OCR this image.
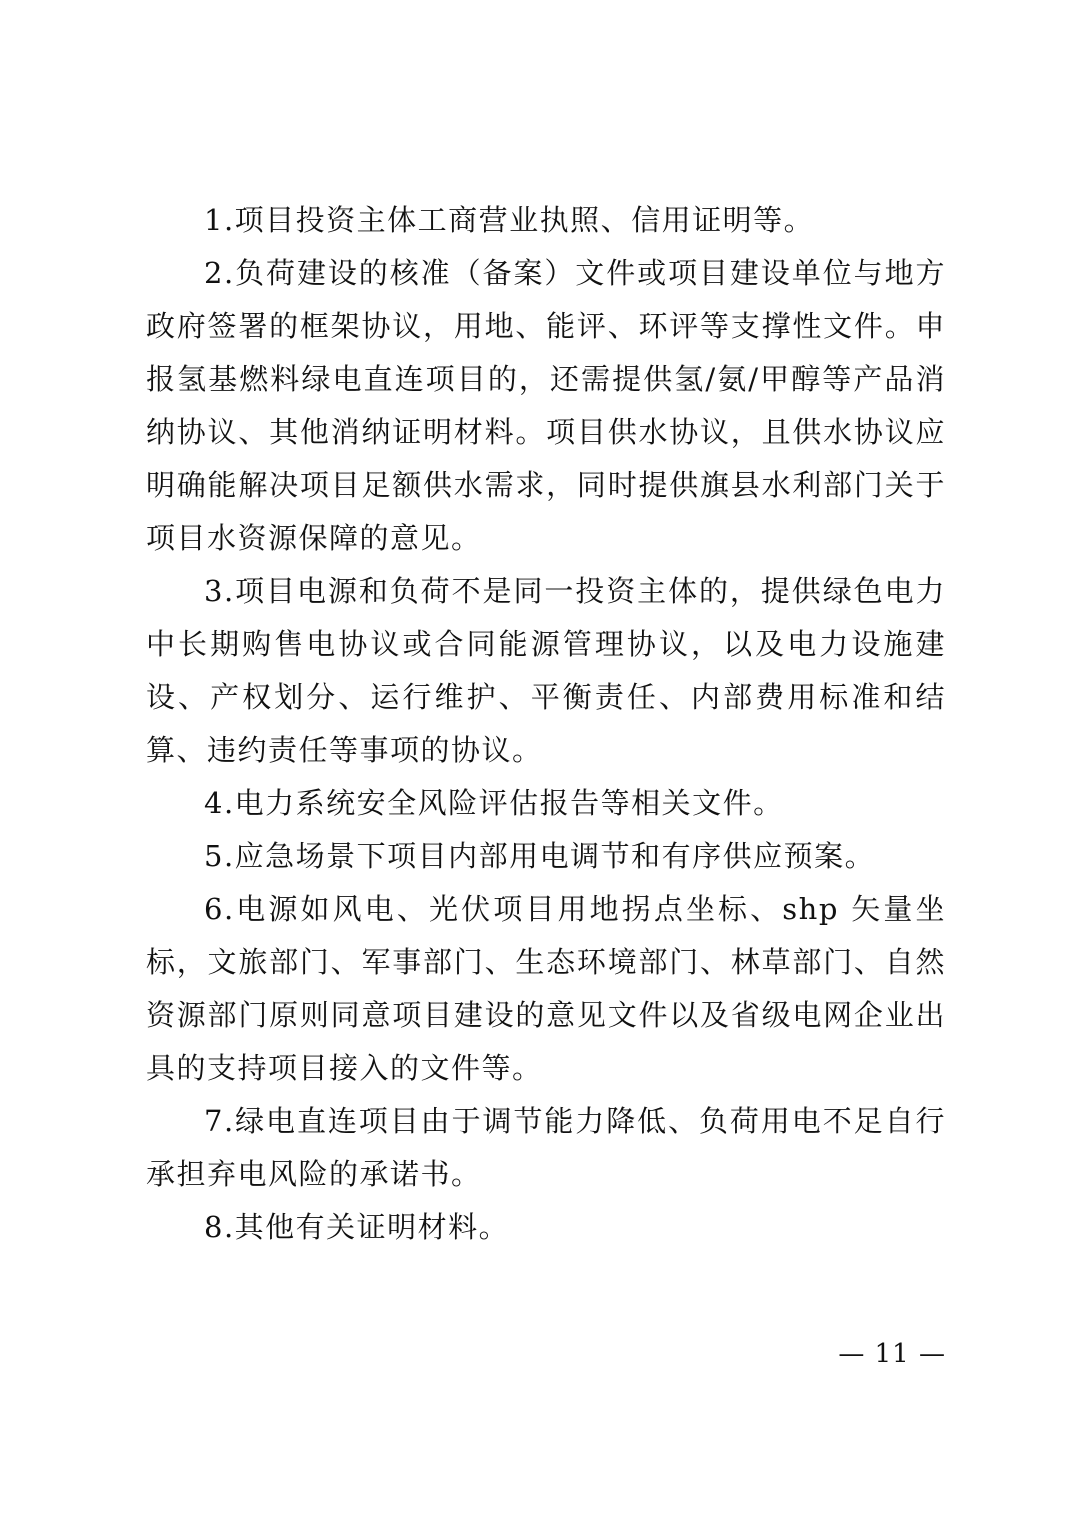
1.项目投资主体工商营业执照、信用证明等。

2.负荷建设的核准（备案）文件或项目建设单位与地方政府签署的框架协议，用地、能评、环评等支撑性文件。申报氢基燃料绿电直连项目的，还需提供氢/氨/甲醇等产品消纳协议、其他消纳证明材料。项目供水协议，且供水协议应明确能解决项目足额供水需求，同时提供旗县水利部门关于项目水资源保障的意见。

3.项目电源和负荷不是同一投资主体的，提供绿色电力中长期购售电协议或合同能源管理协议，以及电力设施建设、产权划分、运行维护、平衡责任、内部费用标准和结算、违约责任等事项的协议。

4.电力系统安全风险评估报告等相关文件。

5.应急场景下项目内部用电调节和有序供应预案。

6.电源如风电、光伏项目用地拐点坐标、shp 矢量坐标，文旅部门、军事部门、生态环境部门、林草部门、自然资源部门原则同意项目建设的意见文件以及省级电网企业出具的支持项目接入的文件等。

7.绿电直连项目由于调节能力降低、负荷用电不足自行承担弃电风险的承诺书。

8.其他有关证明材料。

— 11 —
